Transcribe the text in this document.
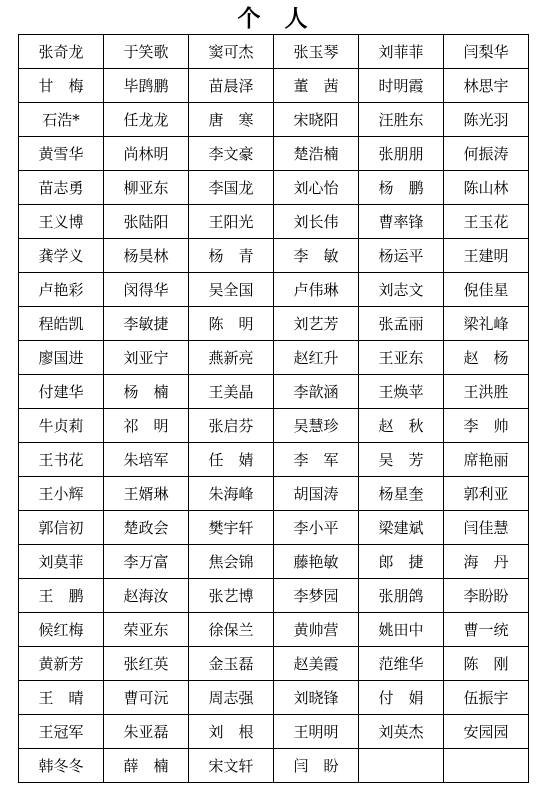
个 人
张奇龙	于笑歌	窦可杰	张玉琴	刘菲菲	闫梨华
甘　梅	毕鹍鹏	苗晨泽	董　茜	时明霞	林思宇
石浩*	任龙龙	唐　寒	宋晓阳	汪胜东	陈光羽
黄雪华	尚林明	李文豪	楚浩楠	张朋朋	何振涛
苗志勇	柳亚东	李国龙	刘心怡	杨　鹏	陈山林
王义博	张陆阳	王阳光	刘长伟	曹率锋	王玉花
龚学义	杨昊林	杨　青	李　敏	杨运平	王建明
卢艳彩	闵得华	吴全国	卢伟琳	刘志文	倪佳星
程皓凯	李敏捷	陈　明	刘艺芳	张孟丽	梁礼峰
廖国进	刘亚宁	燕新亮	赵红升	王亚东	赵　杨
付建华	杨　楠	王美晶	李歆涵	王焕苹	王洪胜
牛贞莉	祁　明	张启芬	吴慧珍	赵　秋	李　帅
王书花	朱培军	任　婧	李　军	吴　芳	席艳丽
王小辉	王婿琳	朱海峰	胡国涛	杨星奎	郭利亚
郭信初	楚政会	樊宇轩	李小平	梁建斌	闫佳慧
刘莫菲	李万富	焦会锦	藤艳敏	郎　捷	海　丹
王　鹏	赵海汝	张艺博	李梦园	张朋鸽	李盼盼
候红梅	荣亚东	徐保兰	黄帅营	姚田中	曹一统
黄新芳	张红英	金玉磊	赵美霞	范维华	陈　刚
王　晴	曹可沅	周志强	刘晓锋	付　娟	伍振宇
王冠军	朱亚磊	刘　根	王明明	刘英杰	安园园
韩冬冬	薛　楠	宋文轩	闫　盼		
